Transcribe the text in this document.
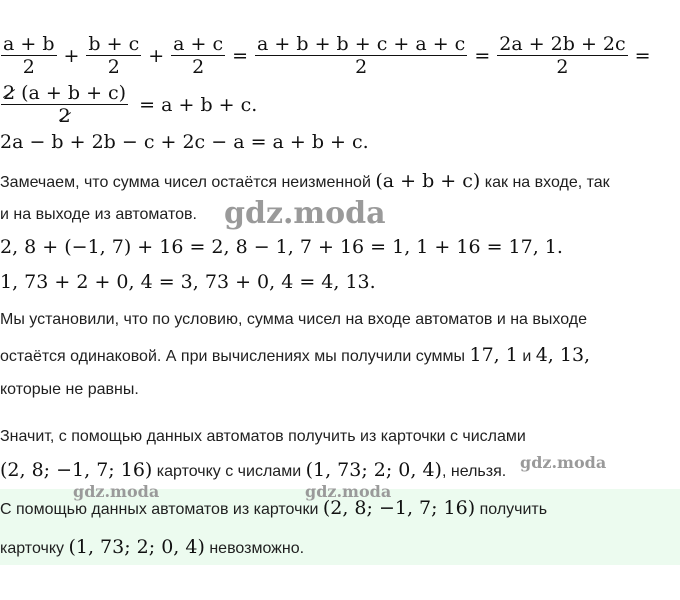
$\frac{a + b}{2} + \frac{b + c}{2} + \frac{a + c}{2} = \frac{a + b + b + c + a + c}{2} = \frac{2a + 2b + 2c}{2}$ =
$\frac{2 (a + b + c)}{2} = a + b + c$.
2a − b + 2b − c + 2c − a = a + b + c.
Замечаем, что сумма чисел остаётся неизменной (a + b + c) как на входе, так
и на выходе из автоматов. gdz.moda
2, 8 + (−1, 7) + 16 = 2, 8 − 1, 7 + 16 = 1, 1 + 16 = 17, 1.
1, 73 + 2 + 0, 4 = 3, 73 + 0, 4 = 4, 13.
Мы установили, что по условию, сумма чисел на входе автоматов и на выходе
остаётся одинаковой. А при вычислениях мы получили суммы 17, 1 и 4, 13,
которые не равны.
Значит, с помощью данных автоматов получить из карточки с числами
(2, 8; −1, 7; 16) карточку с числами (1, 73; 2; 0, 4), нельзя. gdz.moda
gdz.moda	gdz.moda
С помощью данных автоматов из карточки (2, 8; −1, 7; 16) получить
карточку (1, 73; 2; 0, 4) невозможно.
